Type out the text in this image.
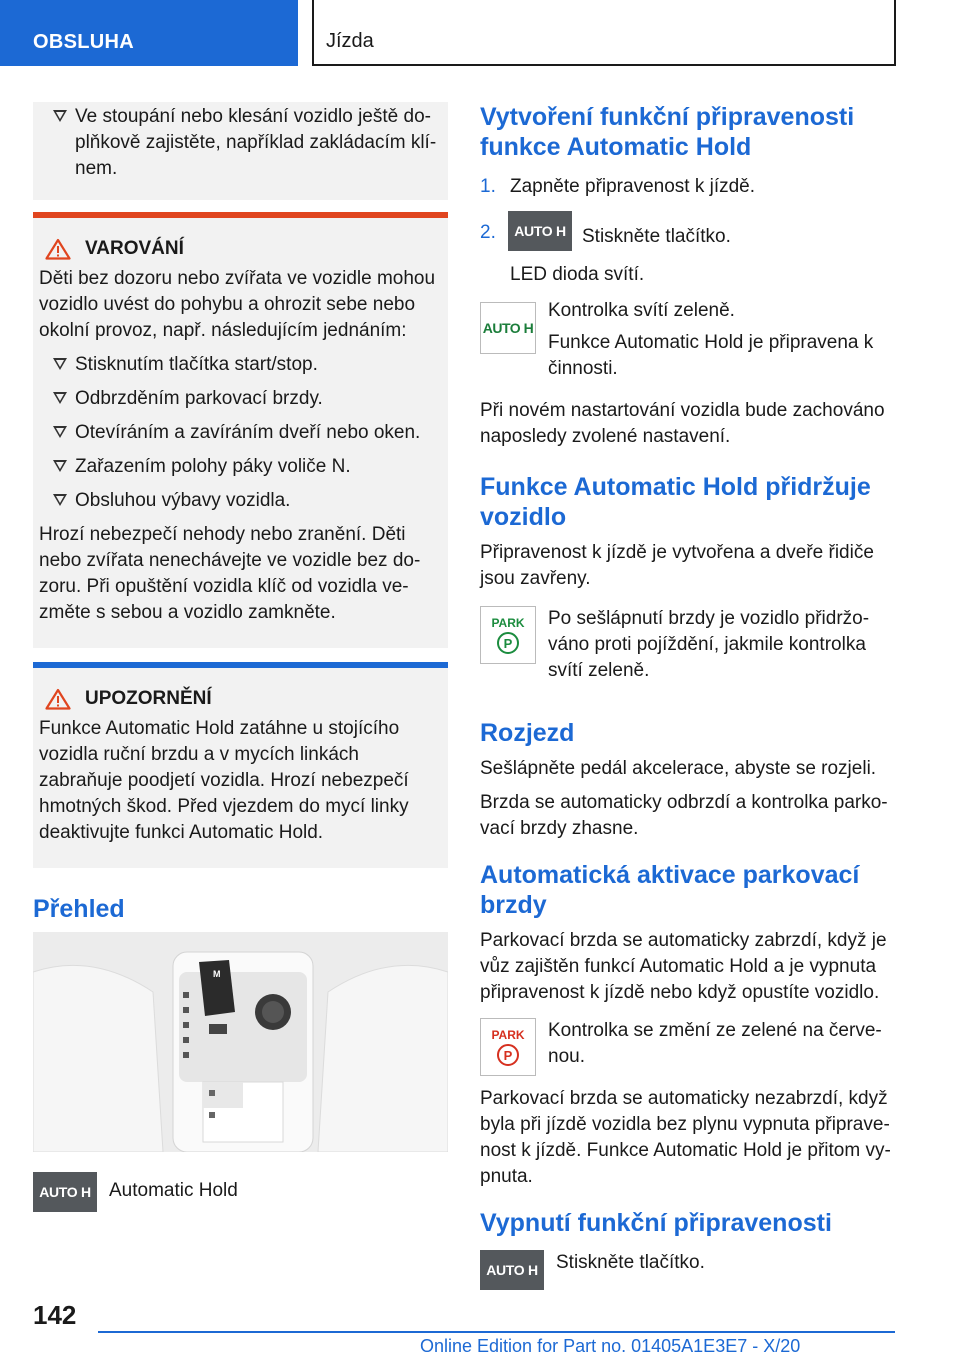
OBSLUHA	Jízda
Ve stoupání nebo klesání vozidlo ještě do-plňkově zajistěte, například zakládacím klí-nem.
VAROVÁNÍ

Děti bez dozoru nebo zvířata ve vozidle mohou vozidlo uvést do pohybu a ohrozit sebe nebo okolní provoz, např. následujícím jednáním:

Stisknutím tlačítka start/stop.
Odbrzděním parkovací brzdy.
Otevíráním a zavíráním dveří nebo oken.
Zařazením polohy páky voliče N.
Obsluhou výbavy vozidla.

Hrozí nebezpečí nehody nebo zranění. Děti nebo zvířata nenechávejte ve vozidle bez do-zoru. Při opuštění vozidla klíč od vozidla ve-změte s sebou a vozidlo zamkněte.

UPOZORNĚNÍ

Funkce Automatic Hold zatáhne u stojícího vozidla ruční brzdu a v mycích linkách zabraňuje poodjetí vozidla. Hrozí nebezpečí hmotných škod. Před vjezdem do mycí linky deaktivujte funkci Automatic Hold.

Přehled
M
AUTO H Automatic Hold

Vytvoření funkční připravenosti funkce Automatic Hold
1. Zapněte připravenost k jízdě.
2. AUTO H Stiskněte tlačítko.

LED dioda svítí.

AUTO H

Kontrolka svítí zeleně.

Funkce Automatic Hold je připravena k činnosti.

Při novém nastartování vozidla bude zachováno naposledy zvolené nastavení.

Funkce Automatic Hold přidržuje vozidlo

Připravenost k jízdě je vytvořena a dveře řidiče jsou zavřeny.

PARK
P

Po sešlápnutí brzdy je vozidlo přidržo-váno proti pojíždění, jakmile kontrolka svítí zeleně.

Rozjezd

Sešlápněte pedál akcelerace, abyste se rozjeli.

Brzda se automaticky odbrzdí a kontrolka parko-vací brzdy zhasne.

Automatická aktivace parkovací brzdy

Parkovací brzda se automaticky zabrzdí, když je vůz zajištěn funkcí Automatic Hold a je vypnuta připravenost k jízdě nebo když opustíte vozidlo.

PARK
P

Kontrolka se změní ze zelené na červe-nou.

Parkovací brzda se automaticky nezabrzdí, když byla při jízdě vozidla bez plynu vypnuta připrave-nost k jízdě. Funkce Automatic Hold je přitom vy-pnuta.

Vypnutí funkční připravenosti
AUTO H Stiskněte tlačítko.

142
Online Edition for Part no. 01405A1E3E7 - X/20
